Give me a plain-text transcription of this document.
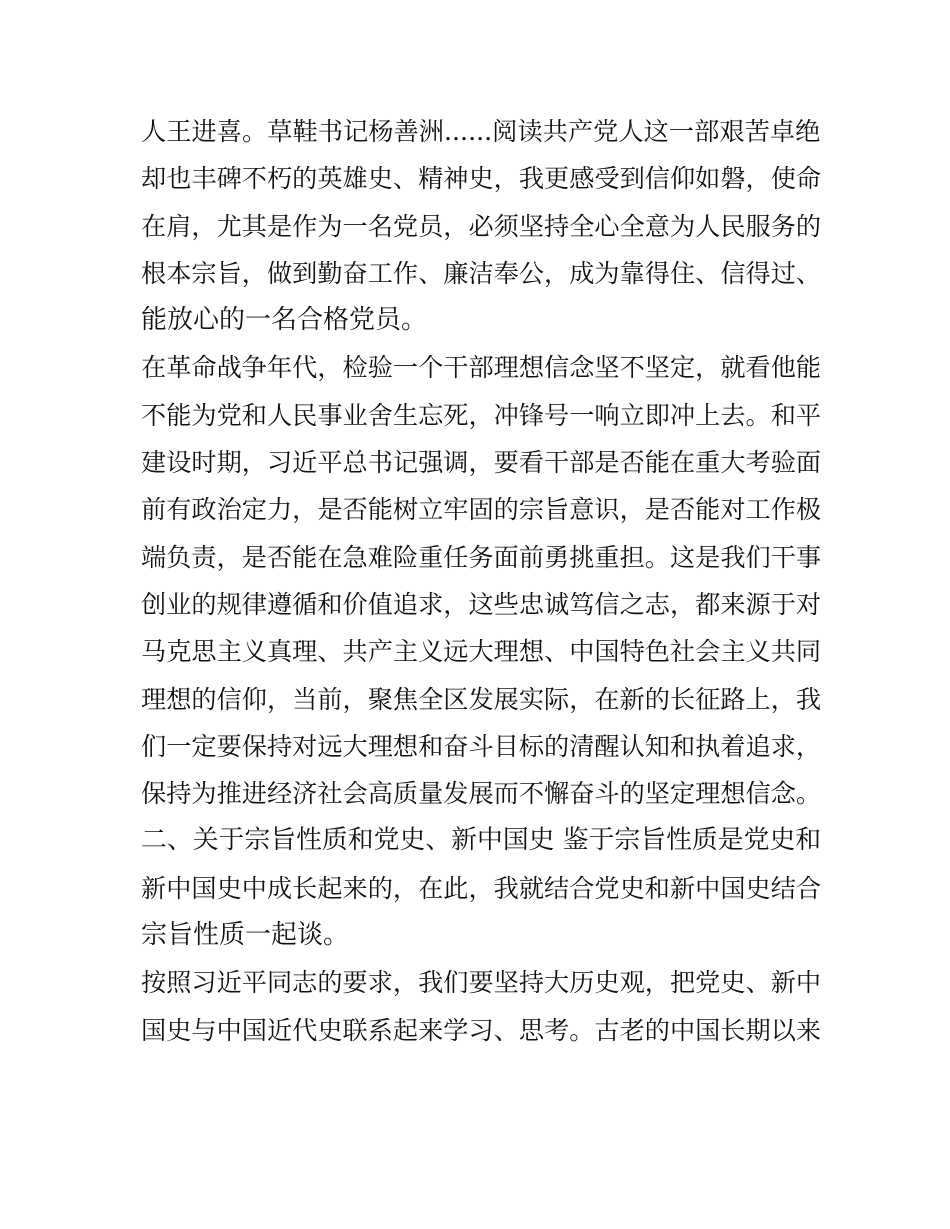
人王进喜。草鞋书记杨善洲......阅读共产党人这一部艰苦卓绝
却也丰碑不朽的英雄史、精神史，我更感受到信仰如磐，使命
在肩，尤其是作为一名党员，必须坚持全心全意为人民服务的
根本宗旨，做到勤奋工作、廉洁奉公，成为靠得住、信得过、
能放心的一名合格党员。
在革命战争年代，检验一个干部理想信念坚不坚定，就看他能
不能为党和人民事业舍生忘死，冲锋号一响立即冲上去。和平
建设时期，习近平总书记强调，要看干部是否能在重大考验面
前有政治定力，是否能树立牢固的宗旨意识，是否能对工作极
端负责，是否能在急难险重任务面前勇挑重担。这是我们干事
创业的规律遵循和价值追求，这些忠诚笃信之志，都来源于对
马克思主义真理、共产主义远大理想、中国特色社会主义共同
理想的信仰，当前，聚焦全区发展实际，在新的长征路上，我
们一定要保持对远大理想和奋斗目标的清醒认知和执着追求，
保持为推进经济社会高质量发展而不懈奋斗的坚定理想信念。
二、关于宗旨性质和党史、新中国史 鉴于宗旨性质是党史和
新中国史中成长起来的，在此，我就结合党史和新中国史结合
宗旨性质一起谈。
按照习近平同志的要求，我们要坚持大历史观，把党史、新中
国史与中国近代史联系起来学习、思考。古老的中国长期以来
